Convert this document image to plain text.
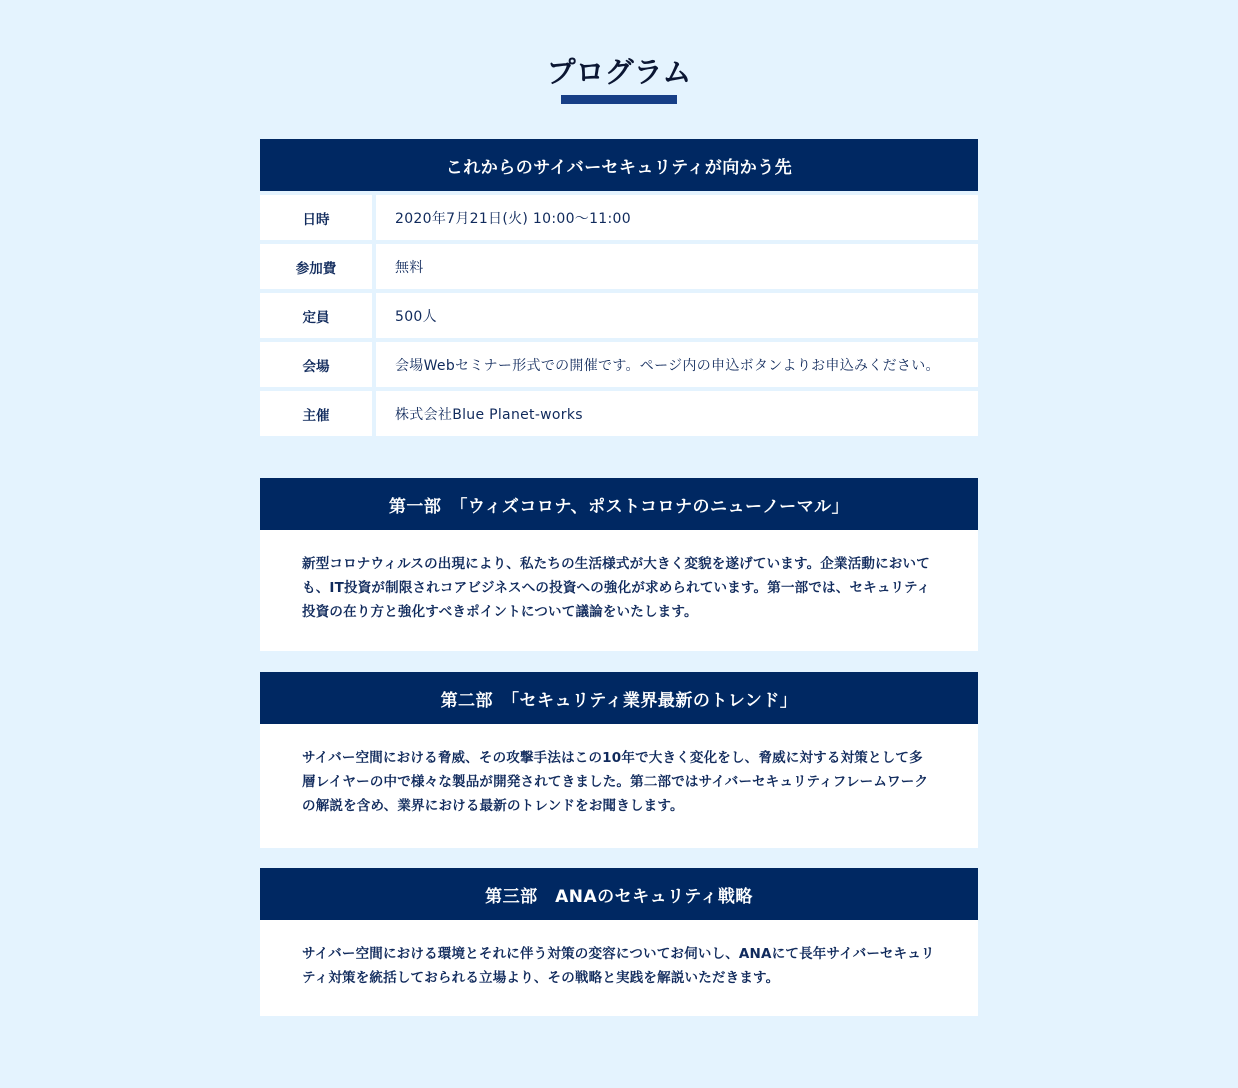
プログラム
これからのサイバーセキュリティが向かう先
日時	2020年7月21日(火) 10:00〜11:00
参加費	無料
定員	500人
会場	会場Webセミナー形式での開催です。ページ内の申込ボタンよりお申込みください。
主催	株式会社Blue Planet-works
第一部　「ウィズコロナ、ポストコロナのニューノーマル」
新型コロナウィルスの出現により、私たちの生活様式が大きく変貌を遂げています。企業活動においても、IT投資が制限されコアビジネスへの投資への強化が求められています。第一部では、セキュリティ投資の在り方と強化すべきポイントについて議論をいたします。
第二部　「セキュリティ業界最新のトレンド」
サイバー空間における脅威、その攻撃手法はこの10年で大きく変化をし、脅威に対する対策として多層レイヤーの中で様々な製品が開発されてきました。第二部ではサイバーセキュリティフレームワークの解説を含め、業界における最新のトレンドをお聞きします。
第三部　ANAのセキュリティ戦略
サイバー空間における環境とそれに伴う対策の変容についてお伺いし、ANAにて長年サイバーセキュリティ対策を統括しておられる立場より、その戦略と実践を解説いただきます。
